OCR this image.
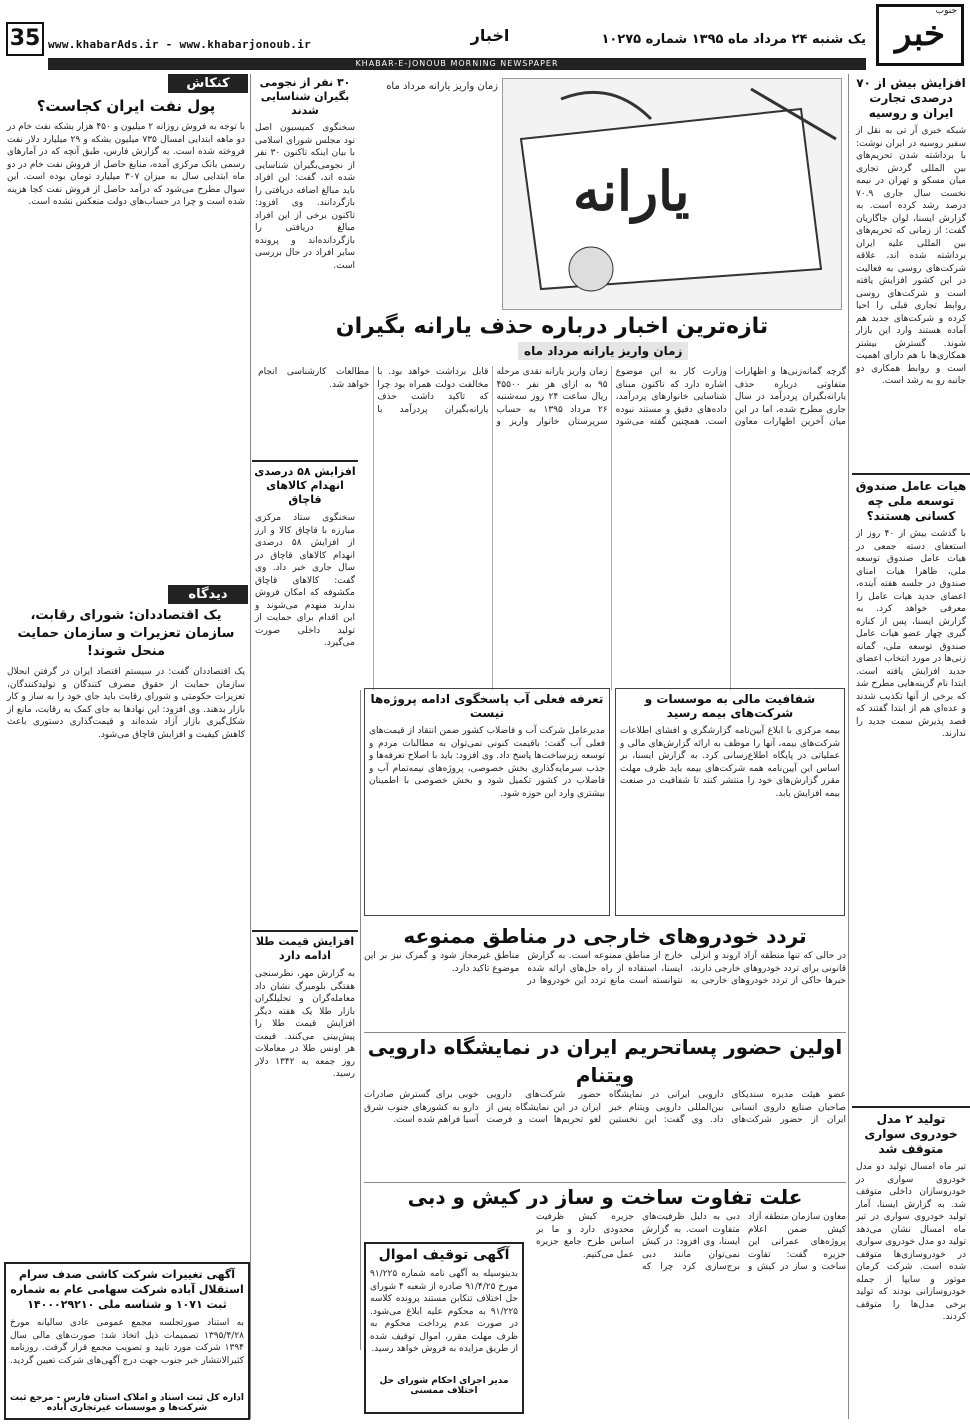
جنوب
خبر
یک شنبه ۲۴ مرداد ماه ۱۳۹۵ شماره ۱۰۲۷۵
اخبار
www.khabarAds.ir - www.khabarjonoub.ir
35
KHABAR-E-JONOUB MORNING NEWSPAPER
افزایش بیش از ۷۰ درصدی تجارت ایران و روسیه

شبکه خبری آر تی به نقل از سفیر روسیه در ایران نوشت: با برداشته شدن تحریم‌های بین المللی گردش تجاری میان مسکو و تهران در نیمه نخست سال جاری ۷۰.۹ درصد رشد کرده است. به گزارش ایسنا، لوان جاگاریان گفت: از زمانی که تحریم‌های بین المللی علیه ایران برداشته شده اند، علاقه شرکت‌های روسی به فعالیت در این کشور افزایش یافته است و شرکت‌های روسی روابط تجاری قبلی را احیا کرده و شرکت‌های جدید هم آماده هستند وارد این بازار شوند. گسترش بیشتر همکاری‌ها با هم دارای اهمیت است و روابط همکاری دو جانبه رو به رشد است.

هیات عامل صندوق توسعه ملی چه کسانی هستند؟

با گذشت بیش از ۴۰ روز از استعفای دسته جمعی در هیات عامل صندوق توسعه ملی، ظاهرا هیات امنای صندوق در جلسه هفته آینده، اعضای جدید هیات عامل را معرفی خواهد کرد. به گزارش ایسنا، پس از کناره گیری چهار عضو هیات عامل صندوق توسعه ملی، گمانه زنی‌ها در مورد انتخاب اعضای جدید افزایش یافته است. ابتدا نام گزینه‌هایی مطرح شد که برخی از آنها تکذیب شدند و عده‌ای هم از ابتدا گفتند که قصد پذیرش سمت جدید را ندارند.

تولید ۲ مدل خودروی سواری متوقف شد

تیر ماه امسال تولید دو مدل خودروی سواری در خودروسازان داخلی متوقف شد. به گزارش ایسنا، آمار تولید خودروی سواری در تیر ماه امسال نشان می‌دهد تولید دو مدل خودروی سواری در خودروسازی‌ها متوقف شده است. شرکت کرمان موتور و سایپا از جمله خودروسازانی بودند که تولید برخی مدل‌ها را متوقف کردند.

یارانه
تازه‌ترین اخبار درباره حذف یارانه بگیران
زمان واریز یارانه مرداد ماه

گرچه گمانه‌زنی‌ها و اظهارات متفاوتی درباره حذف یارانه‌بگیران پردرآمد در سال جاری مطرح شده، اما در این میان آخرین اظهارات معاون وزارت کار به این موضوع اشاره دارد که تاکنون مبنای شناسایی خانوارهای پردرآمد، داده‌های دقیق و مستند نبوده است. همچنین گفته می‌شود زمان واریز یارانه نقدی مرحله ۹۵ به ازای هر نفر ۴۵۵۰۰ ریال ساعت ۲۴ روز سه‌شنبه ۲۶ مرداد ۱۳۹۵ به حساب سرپرستان خانوار واریز و قابل برداشت خواهد بود. با مخالفت دولت همراه بود چرا که تاکید داشت حذف یارانه‌بگیران پردرآمد با مطالعات کارشناسی انجام خواهد شد.

زمان واریز یارانه مرداد ماه

شفافیت مالی به موسسات و شرکت‌های بیمه رسید

بیمه مرکزی با ابلاغ آیین‌نامه گزارشگری و افشای اطلاعات شرکت‌های بیمه، آنها را موظف به ارائه گزارش‌های مالی و عملیاتی در پایگاه اطلاع‌رسانی کرد. به گزارش ایسنا، بر اساس این آیین‌نامه همه شرکت‌های بیمه باید ظرف مهلت مقرر گزارش‌های خود را منتشر کنند تا شفافیت در صنعت بیمه افزایش یابد.

تعرفه فعلی آب پاسخگوی ادامه پروژه‌ها نیست

مدیرعامل شرکت آب و فاضلاب کشور ضمن انتقاد از قیمت‌های فعلی آب گفت: باقیمت کنونی نمی‌توان به مطالبات مردم و توسعه زیرساخت‌ها پاسخ داد. وی افزود: باید با اصلاح تعرفه‌ها و جذب سرمایه‌گذاری بخش خصوصی، پروژه‌های نیمه‌تمام آب و فاضلاب در کشور تکمیل شود و بخش خصوصی با اطمینان بیشتری وارد این حوزه شود.

تردد خودروهای خارجی در مناطق ممنوعه

در حالی که تنها منطقه آزاد اروند و انزلی قانونی برای تردد خودروهای خارجی دارند، خبرها حاکی از تردد خودروهای خارجی به خارج از مناطق ممنوعه است. به گزارش ایسنا، استفاده از راه حل‌های ارائه شده نتوانسته است مانع تردد این خودروها در مناطق غیرمجاز شود و گمرک نیز بر این موضوع تاکید دارد.

اولین حضور پساتحریم ایران در نمایشگاه دارویی ویتنام

عضو هیئت مدیره سندیکای صاحبان صنایع داروی انسانی ایران از حضور شرکت‌های دارویی ایرانی در نمایشگاه بین‌المللی دارویی ویتنام خبر داد. وی گفت: این نخستین حضور شرکت‌های دارویی ایران در این نمایشگاه پس از لغو تحریم‌ها است و فرصت خوبی برای گسترش صادرات دارو به کشورهای جنوب شرق آسیا فراهم شده است.

علت تفاوت ساخت و ساز در کیش و دبی

معاون سازمان منطقه آزاد کیش ضمن اعلام پروژه‌های عمرانی این جزیره گفت: تفاوت ساخت و ساز در کیش و دبی به دلیل ظرفیت‌های متفاوت است. به گزارش ایسنا، وی افزود: در کیش نمی‌توان مانند دبی برج‌سازی کرد چرا که جزیره کیش ظرفیت محدودی دارد و ما بر اساس طرح جامع جزیره عمل می‌کنیم.

آگهی توقیف اموال

بدینوسیله به آگهی نامه شماره ۹۱/۲۲۵ مورخ ۹۱/۴/۲۵ صادره از شعبه ۴ شورای حل اختلاف تنکابن مستند پرونده کلاسه ۹۱/۲۲۵ به محکوم علیه ابلاغ می‌شود. در صورت عدم پرداخت محکوم به ظرف مهلت مقرر، اموال توقیف شده از طریق مزایده به فروش خواهد رسید.

مدیر اجرای احکام شورای حل اختلاف ممسنی
۳۰ نفر از نجومی بگیران شناسایی شدند

سخنگوی کمیسیون اصل نود مجلس شورای اسلامی با بیان اینکه تاکنون ۳۰ نفر از نجومی‌بگیران شناسایی شده اند، گفت: این افراد باید مبالغ اضافه دریافتی را بازگردانند. وی افزود: تاکنون برخی از این افراد مبالغ دریافتی را بازگردانده‌اند و پرونده سایر افراد در حال بررسی است.

افزایش ۵۸ درصدی انهدام کالاهای قاچاق

سخنگوی ستاد مرکزی مبارزه با قاچاق کالا و ارز از افزایش ۵۸ درصدی انهدام کالاهای قاچاق در سال جاری خبر داد. وی گفت: کالاهای قاچاق مکشوفه که امکان فروش ندارند منهدم می‌شوند و این اقدام برای حمایت از تولید داخلی صورت می‌گیرد.

افزایش قیمت طلا ادامه دارد

به گزارش مهر، نظرسنجی هفتگی بلومبرگ نشان داد معامله‌گران و تحلیلگران بازار طلا یک هفته دیگر افزایش قیمت طلا را پیش‌بینی می‌کنند. قیمت هر اونس طلا در معاملات روز جمعه به ۱۳۴۲ دلار رسید.

کنکاش
پول نفت ایران کجاست؟

با توجه به فروش روزانه ۲ میلیون و ۴۵۰ هزار بشکه نفت خام در دو ماهه ابتدایی امسال ۷۳۵ میلیون بشکه و ۲۹ میلیارد دلار نفت فروخته شده است. به گزارش فارس، طبق آنچه که در آمارهای رسمی بانک مرکزی آمده، منابع حاصل از فروش نفت خام در دو ماه ابتدایی سال به میزان ۳۰۷ میلیارد تومان بوده است. این سوال مطرح می‌شود که درآمد حاصل از فروش نفت کجا هزینه شده است و چرا در حساب‌های دولت منعکس نشده است.

دیدگاه
یک اقتصاددان: شورای رقابت، سازمان تعزیرات و سازمان حمایت منحل شوند!

یک اقتصاددان گفت: در سیستم اقتصاد ایران در گرفتن انحلال سازمان حمایت از حقوق مصرف کنندگان و تولیدکنندگان، تعزیرات حکومتی و شورای رقابت باید جای خود را به ساز و کار بازار بدهند. وی افزود: این نهادها به جای کمک به رقابت، مانع از شکل‌گیری بازار آزاد شده‌اند و قیمت‌گذاری دستوری باعث کاهش کیفیت و افزایش قاچاق می‌شود.

آگهی تغییرات شرکت کاشی صدف سرام استقلال آباده شرکت سهامی عام به شماره ثبت ۱۰۷۱ و شناسه ملی ۱۴۰۰۰۲۹۲۱۰

به استناد صورتجلسه مجمع عمومی عادی سالیانه مورخ ۱۳۹۵/۴/۲۸ تصمیمات ذیل اتخاذ شد: صورت‌های مالی سال ۱۳۹۴ شرکت مورد تایید و تصویب مجمع قرار گرفت. روزنامه کثیرالانتشار خبر جنوب جهت درج آگهی‌های شرکت تعیین گردید.

اداره کل ثبت اسناد و املاک استان فارس - مرجع ثبت شرکت‌ها و موسسات غیرتجاری آباده
